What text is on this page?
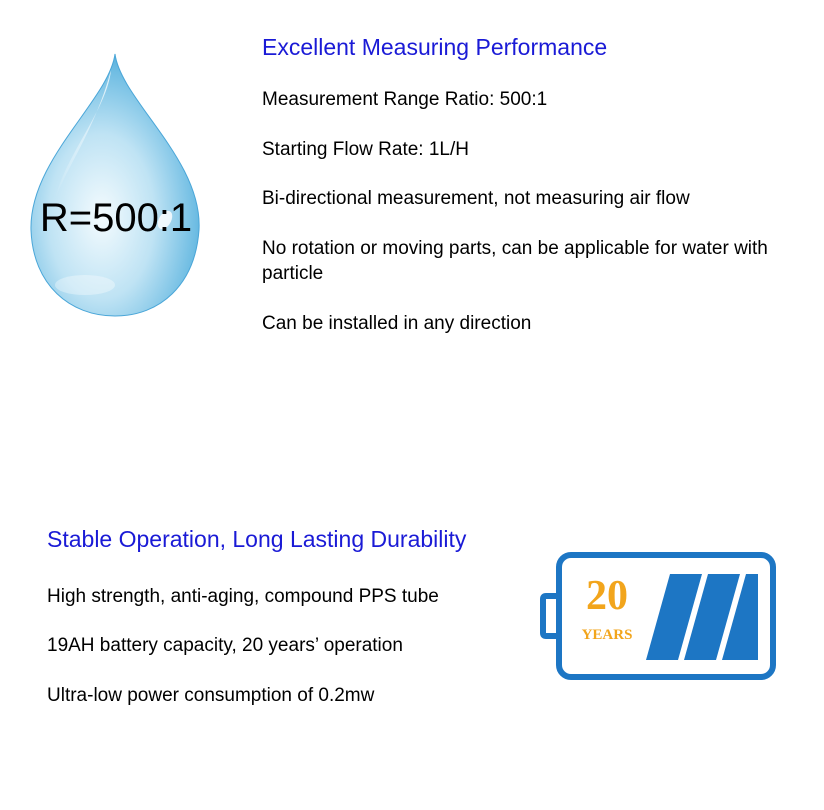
R=500:1
Excellent Measuring Performance
Measurement Range Ratio: 500:1
Starting Flow Rate: 1L/H
Bi-directional measurement, not measuring air flow
No rotation or moving parts, can be applicable for water with particle
Can be installed in any direction
Stable Operation, Long Lasting Durability
High strength, anti-aging, compound PPS tube
19AH battery capacity, 20 years’ operation
Ultra-low power consumption of 0.2mw
20
YEARS
